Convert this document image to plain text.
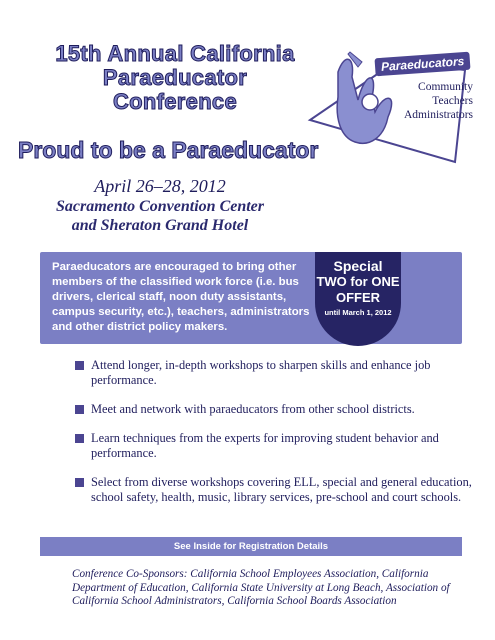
15th Annual California
Paraeducator
Conference
Proud to be a Paraeducator
Paraeducators
Community
Teachers
Administrators
April 26–28, 2012
Sacramento Convention Center
and Sheraton Grand Hotel
Paraeducators are encouraged to bring other members of the classified work force (i.e. bus drivers, clerical staff, noon duty assistants, campus security, etc.), teachers, administrators and other district policy makers.
Special
TWO for ONE
OFFER
until March 1, 2012
Attend longer, in-depth workshops to sharpen skills and enhance job performance.
Meet and network with paraeducators from other school districts.
Learn techniques from the experts for improving student behavior and performance.
Select from diverse workshops covering ELL, special and general education, school safety, health, music, library services, pre-school and court schools.
See Inside for Registration Details
Conference Co-Sponsors: California School Employees Association, California Department of Education, California State University at Long Beach, Association of California School Administrators, California School Boards Association
